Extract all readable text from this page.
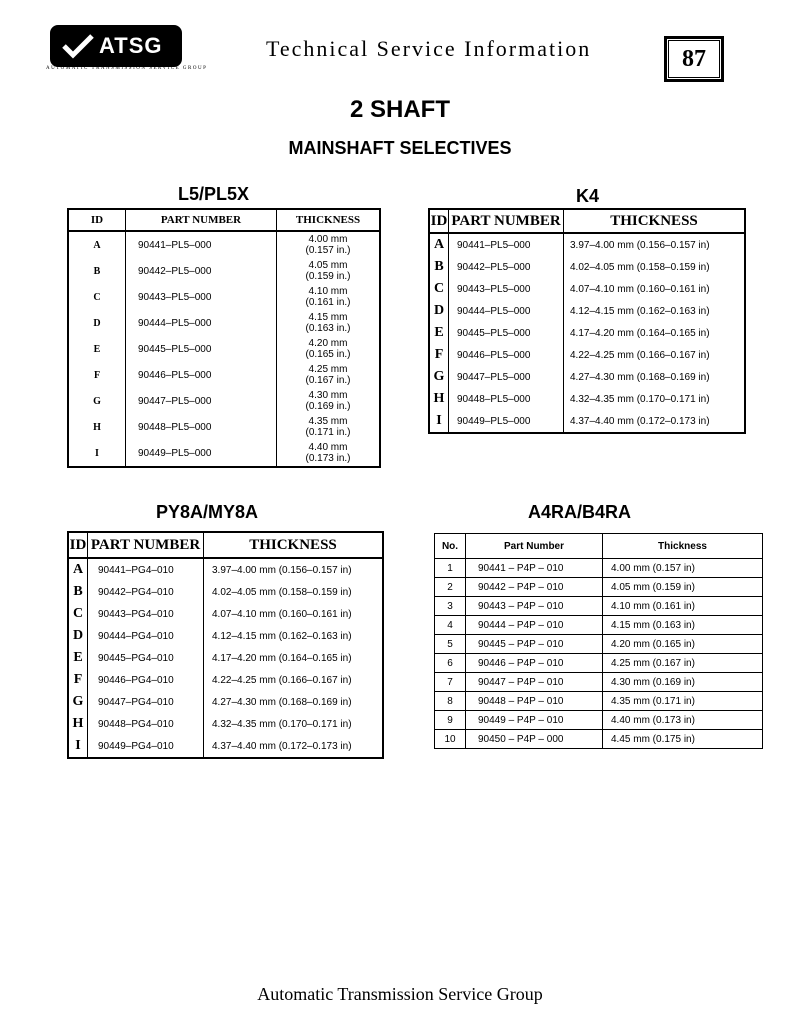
ATSG
AUTOMATIC TRANSMISSION SERVICE GROUP
Technical Service Information	87
2 SHAFT
MAINSHAFT SELECTIVES
L5/PL5X	K4
PY8A/MY8A	A4RA/B4RA
ID	PART NUMBER	THICKNESS
A	90441–PL5–000	4.00 mm
(0.157 in.)

B	90442–PL5–000	4.05 mm
(0.159 in.)

C	90443–PL5–000	4.10 mm
(0.161 in.)

D	90444–PL5–000	4.15 mm
(0.163 in.)

E	90445–PL5–000	4.20 mm
(0.165 in.)

F	90446–PL5–000	4.25 mm
(0.167 in.)

G	90447–PL5–000	4.30 mm
(0.169 in.)

H	90448–PL5–000	4.35 mm
(0.171 in.)

I	90449–PL5–000	4.40 mm
(0.173 in.)
ID	PART NUMBER	THICKNESS
A	90441–PL5–000	3.97–4.00 mm (0.156–0.157 in)
B	90442–PL5–000	4.02–4.05 mm (0.158–0.159 in)
C	90443–PL5–000	4.07–4.10 mm (0.160–0.161 in)
D	90444–PL5–000	4.12–4.15 mm (0.162–0.163 in)
E	90445–PL5–000	4.17–4.20 mm (0.164–0.165 in)
F	90446–PL5–000	4.22–4.25 mm (0.166–0.167 in)
G	90447–PL5–000	4.27–4.30 mm (0.168–0.169 in)
H	90448–PL5–000	4.32–4.35 mm (0.170–0.171 in)
I	90449–PL5–000	4.37–4.40 mm (0.172–0.173 in)
ID	PART NUMBER	THICKNESS
A	90441–PG4–010	3.97–4.00 mm (0.156–0.157 in)
B	90442–PG4–010	4.02–4.05 mm (0.158–0.159 in)
C	90443–PG4–010	4.07–4.10 mm (0.160–0.161 in)
D	90444–PG4–010	4.12–4.15 mm (0.162–0.163 in)
E	90445–PG4–010	4.17–4.20 mm (0.164–0.165 in)
F	90446–PG4–010	4.22–4.25 mm (0.166–0.167 in)
G	90447–PG4–010	4.27–4.30 mm (0.168–0.169 in)
H	90448–PG4–010	4.32–4.35 mm (0.170–0.171 in)
I	90449–PG4–010	4.37–4.40 mm (0.172–0.173 in)
No.	Part Number	Thickness
1	90441 – P4P – 010	4.00 mm (0.157 in)
2	90442 – P4P – 010	4.05 mm (0.159 in)
3	90443 – P4P – 010	4.10 mm (0.161 in)
4	90444 – P4P – 010	4.15 mm (0.163 in)
5	90445 – P4P – 010	4.20 mm (0.165 in)
6	90446 – P4P – 010	4.25 mm (0.167 in)
7	90447 – P4P – 010	4.30 mm (0.169 in)
8	90448 – P4P – 010	4.35 mm (0.171 in)
9	90449 – P4P – 010	4.40 mm (0.173 in)
10	90450 – P4P – 000	4.45 mm (0.175 in)
Automatic Transmission Service Group
